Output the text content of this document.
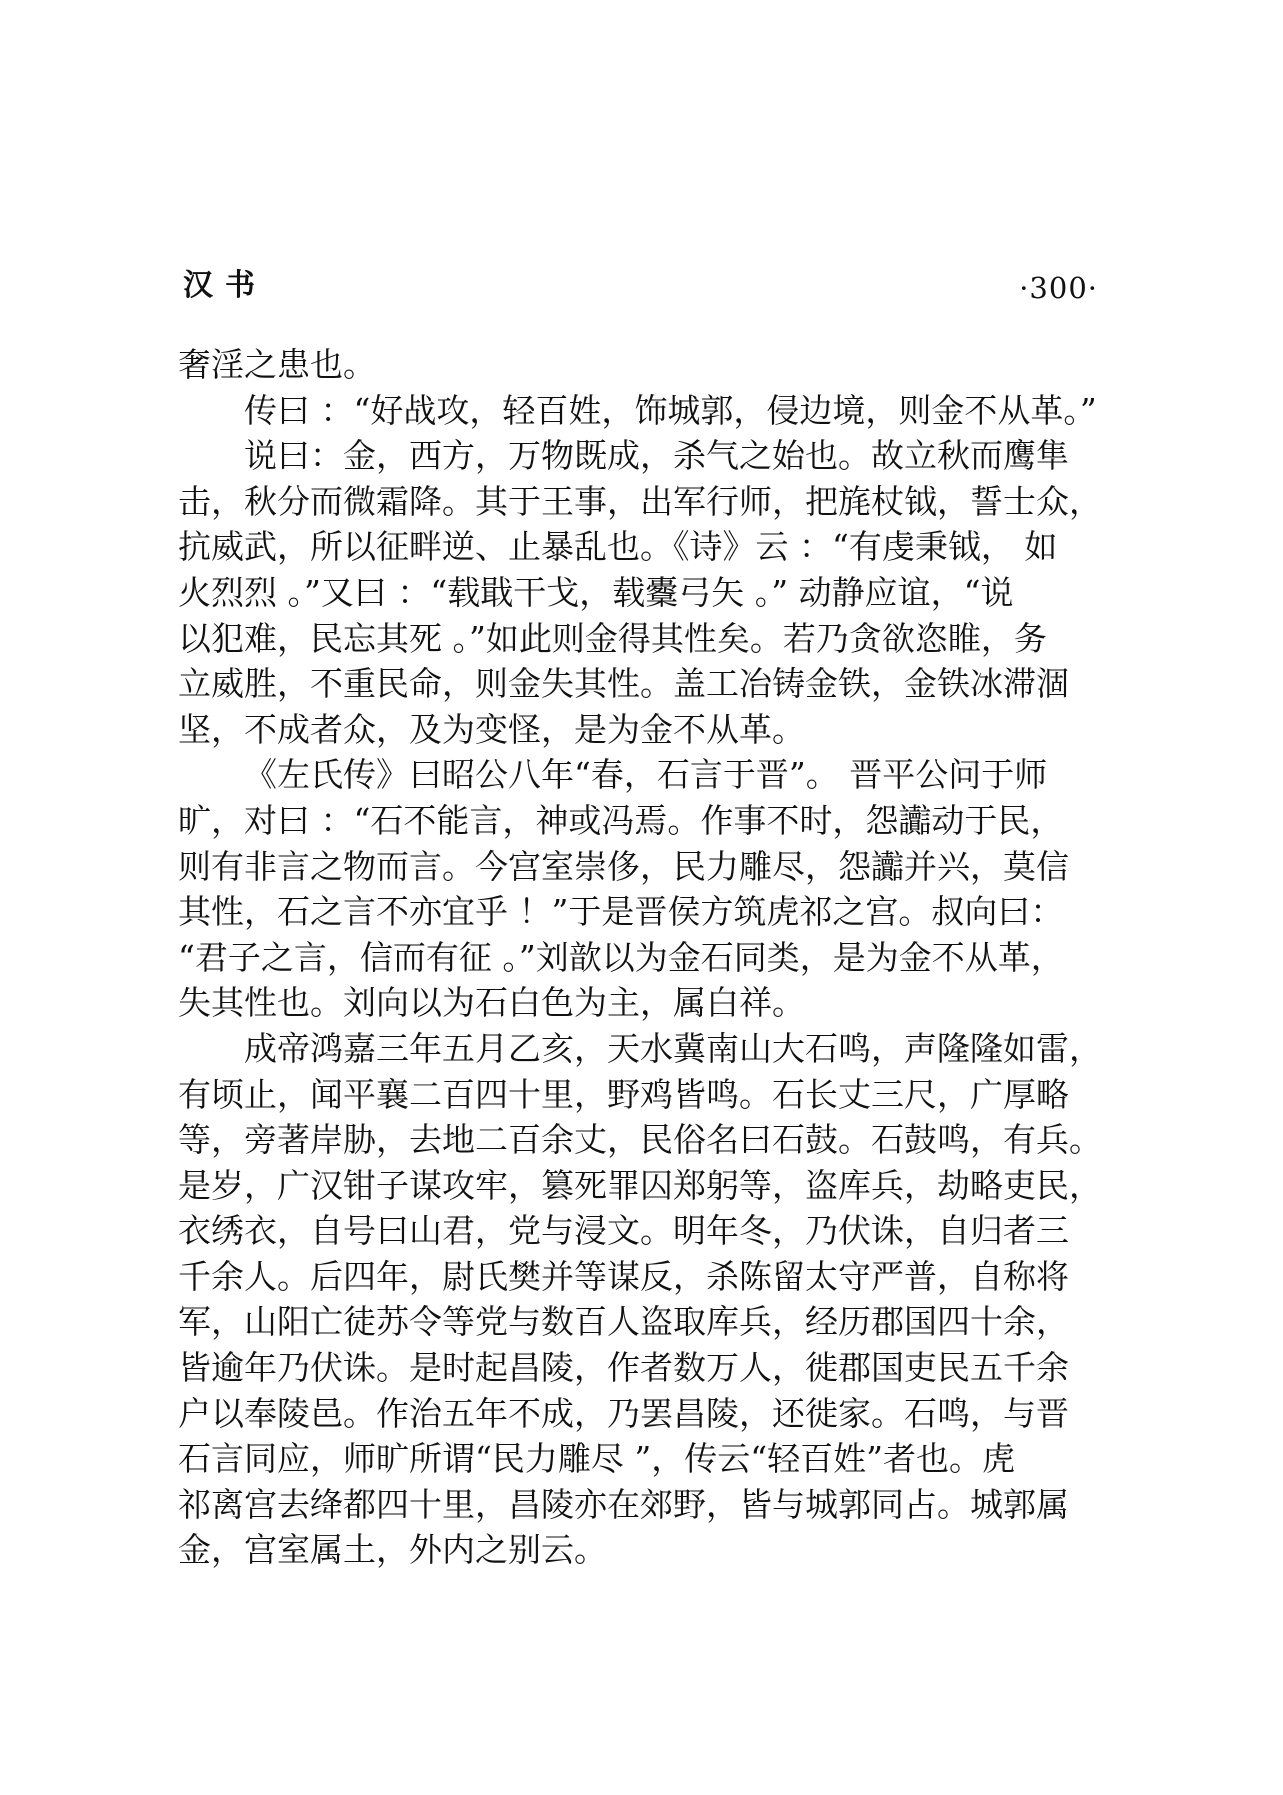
汉书	·300·
奢淫之患也。
传曰 ：“好战攻，轻百姓，饰城郭，侵边境，则金不从革。”
说曰：金，西方，万物既成，杀气之始也。故立秋而鹰隼
击，秋分而微霜降。其于王事，出军行师，把旄杖钺，誓士众，
抗威武，所以征畔逆、止暴乱也。《诗》云 ：“有虔秉钺， 如
火烈烈 。”又曰 ：“载戢干戈，载櫜弓矢 。” 动静应谊，“说
以犯难，民忘其死 。”如此则金得其性矣。若乃贪欲恣睢，务
立威胜，不重民命，则金失其性。盖工冶铸金铁，金铁冰滞涸
坚，不成者众，及为变怪，是为金不从革。
《左氏传》曰昭公八年“春，石言于晋”。 晋平公问于师
旷，对曰 ：“石不能言，神或冯焉。作事不时，怨讟动于民，
则有非言之物而言。今宫室崇侈，民力雕尽，怨讟并兴，莫信
其性，石之言不亦宜乎 ！”于是晋侯方筑虎祁之宫。叔向曰：
“君子之言，信而有征 。”刘歆以为金石同类，是为金不从革，
失其性也。刘向以为石白色为主，属白祥。
成帝鸿嘉三年五月乙亥，天水冀南山大石鸣，声隆隆如雷，
有顷止，闻平襄二百四十里，野鸡皆鸣。石长丈三尺，广厚略
等，旁著岸胁，去地二百余丈，民俗名曰石鼓。石鼓鸣，有兵。
是岁，广汉钳子谋攻牢，篡死罪囚郑躬等，盗库兵，劫略吏民，
衣绣衣，自号曰山君，党与浸文。明年冬，乃伏诛，自归者三
千余人。后四年，尉氏樊并等谋反，杀陈留太守严普，自称将
军，山阳亡徒苏令等党与数百人盗取库兵，经历郡国四十余，
皆逾年乃伏诛。是时起昌陵，作者数万人，徙郡国吏民五千余
户以奉陵邑。作治五年不成，乃罢昌陵，还徙家。石鸣，与晋
石言同应，师旷所谓“民力雕尽 ”，传云“轻百姓”者也。虎
祁离宫去绛都四十里，昌陵亦在郊野，皆与城郭同占。城郭属
金，宫室属土，外内之别云。
